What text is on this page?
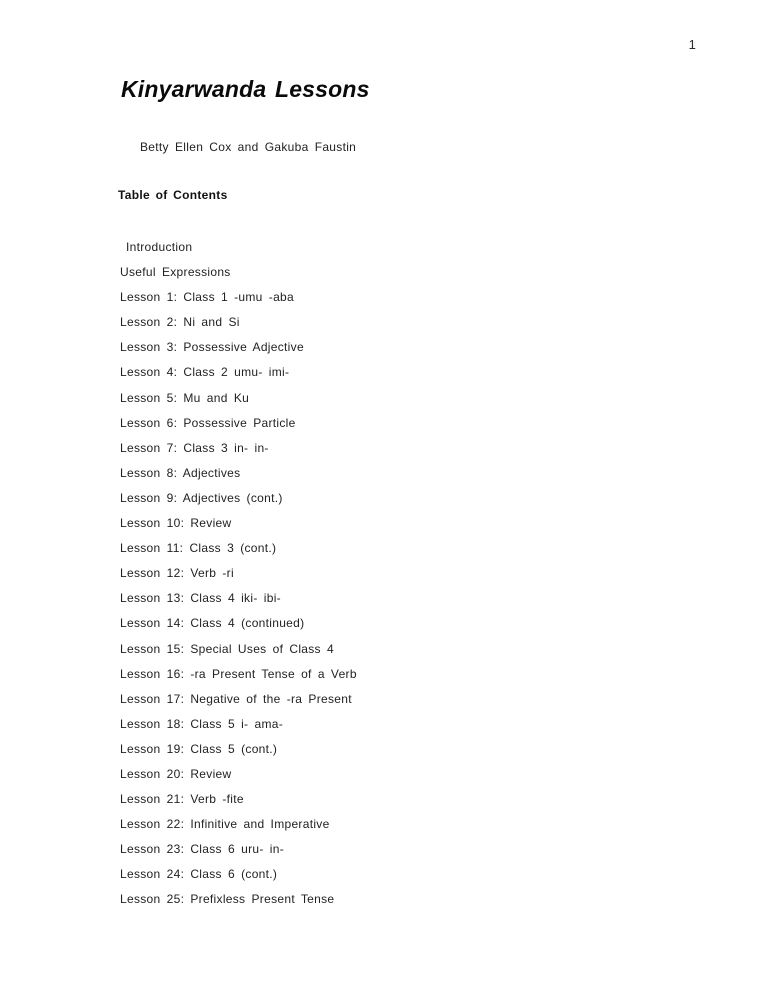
1
Kinyarwanda Lessons
Betty Ellen Cox and Gakuba Faustin
Table of Contents
Introduction
Useful Expressions
Lesson 1: Class 1 -umu -aba
Lesson 2: Ni and Si
Lesson 3: Possessive Adjective
Lesson 4: Class 2 umu- imi-
Lesson 5: Mu and Ku
Lesson 6: Possessive Particle
Lesson 7: Class 3 in- in-
Lesson 8: Adjectives
Lesson 9: Adjectives (cont.)
Lesson 10: Review
Lesson 11: Class 3 (cont.)
Lesson 12: Verb -ri
Lesson 13: Class 4 iki- ibi-
Lesson 14: Class 4 (continued)
Lesson 15: Special Uses of Class 4
Lesson 16: -ra Present Tense of a Verb
Lesson 17: Negative of the -ra Present
Lesson 18: Class 5 i- ama-
Lesson 19: Class 5 (cont.)
Lesson 20: Review
Lesson 21: Verb -fite
Lesson 22: Infinitive and Imperative
Lesson 23: Class 6 uru- in-
Lesson 24: Class 6 (cont.)
Lesson 25: Prefixless Present Tense
